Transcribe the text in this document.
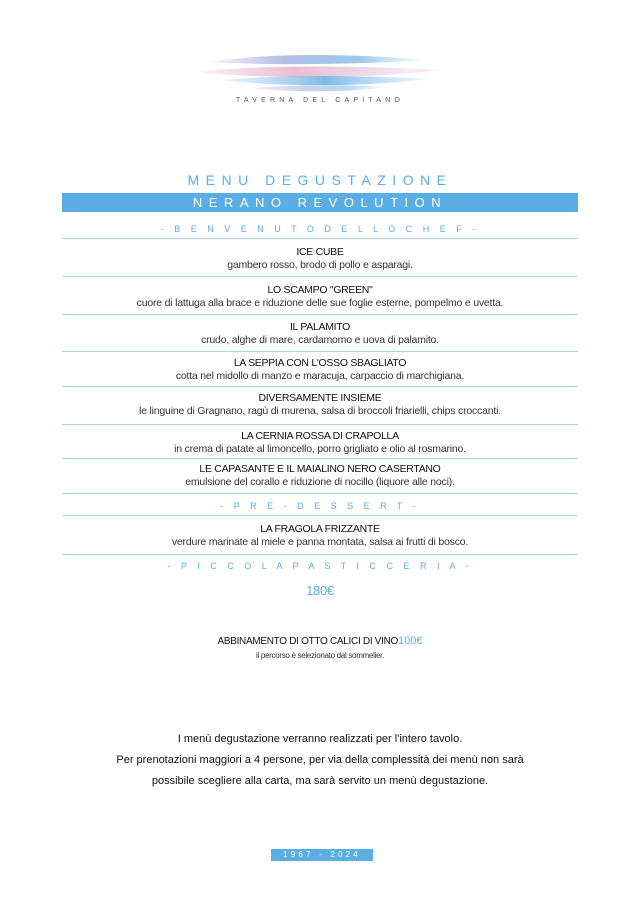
TAVERNA DEL CAPITANO
MENU DEGUSTAZIONE
NERANO REVOLUTION
- B E N V E N U T O D E L L O C H E F -
ICE CUBE
gambero rosso, brodo di pollo e asparagi.
LO SCAMPO "GREEN"
cuore di lattuga alla brace e riduzione delle sue foglie esterne, pompelmo e uvetta.
IL PALAMITO
crudo, alghe di mare, cardamomo e uova di palamito.
LA SEPPIA CON L'OSSO SBAGLIATO
cotta nel midollo di manzo e maracuja, carpaccio di marchigiana.
DIVERSAMENTE INSIEME
le linguine di Gragnano, ragù di murena, salsa di broccoli friarielli, chips croccanti.
LA CERNIA ROSSA DI CRAPOLLA
in crema di patate al limoncello, porro grigliato e olio al rosmarino.
LE CAPASANTE E IL MAIALINO NERO CASERTANO
emulsione del corallo e riduzione di nocillo (liquore alle noci).
- P R E - D E S S E R T -
LA FRAGOLA FRIZZANTE
verdure marinate al miele e panna montata, salsa ai frutti di bosco.
- P I C C O L A P A S T I C C E R I A -
180€
ABBINAMENTO DI OTTO CALICI DI VINO100€
il percorso è selezionato dal sommelier.

I menù degustazione verranno realizzati per l'intero tavolo.

Per prenotazioni maggiori a 4 persone, per via della complessità dei menù non sarà

possibile scegliere alla carta, ma sarà servito un menù degustazione.

1967 - 2024
